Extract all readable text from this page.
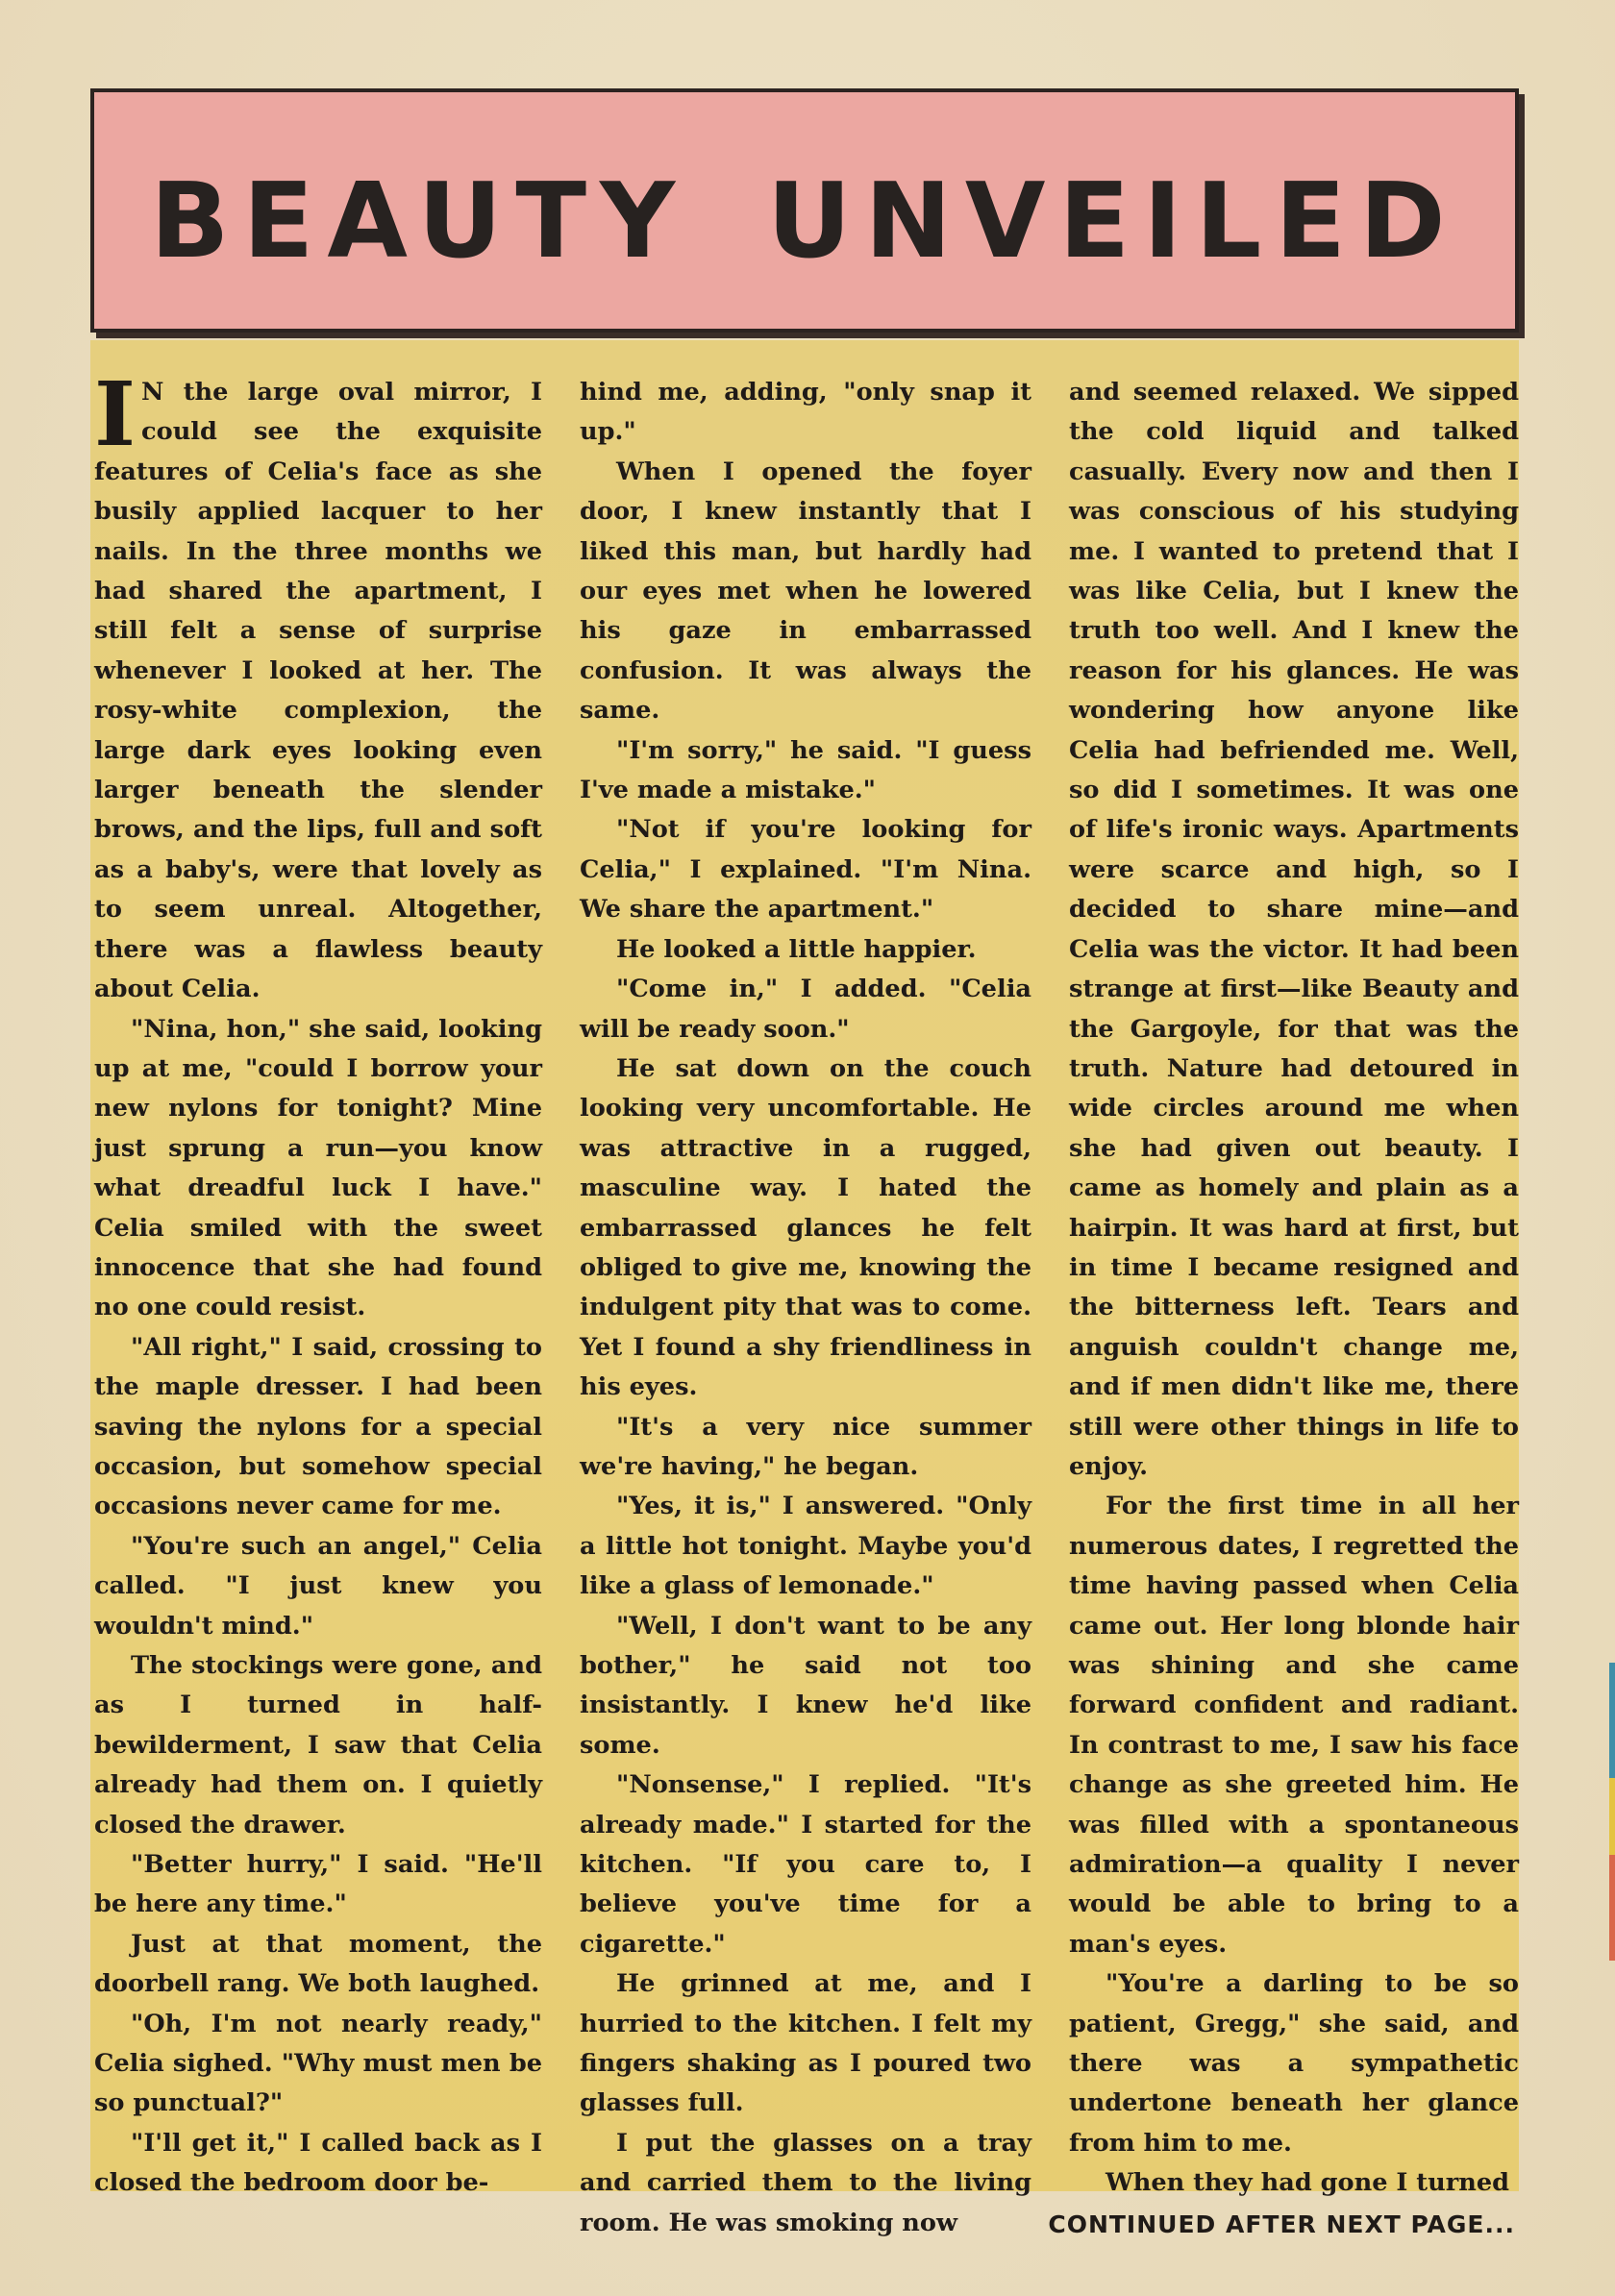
BEAUTY UNVEILED

I N the large oval mirror, I could see the exquisite features of Celia's face as she busily applied lacquer to her nails. In the three months we had shared the apartment, I still felt a sense of surprise whenever I looked at her. The rosy-white complexion, the large dark eyes looking even larger beneath the slender brows, and the lips, full and soft as a baby's, were that lovely as to seem unreal. Altogether, there was a flawless beauty about Celia.

"Nina, hon," she said, looking up at me, "could I borrow your new nylons for tonight? Mine just sprung a run—you know what dreadful luck I have." Celia smiled with the sweet innocence that she had found no one could resist.

"All right," I said, crossing to the maple dresser. I had been saving the nylons for a special occasion, but somehow special occasions never came for me.

"You're such an angel," Celia called. "I just knew you wouldn't mind."

The stockings were gone, and as I turned in half-bewilderment, I saw that Celia already had them on. I quietly closed the drawer.

"Better hurry," I said. "He'll be here any time."

Just at that moment, the doorbell rang. We both laughed.

"Oh, I'm not nearly ready," Celia sighed. "Why must men be so punctual?"

"I'll get it," I called back as I closed the bedroom door be-

hind me, adding, "only snap it up."

When I opened the foyer door, I knew instantly that I liked this man, but hardly had our eyes met when he lowered his gaze in embarrassed confusion. It was always the same.

"I'm sorry," he said. "I guess I've made a mistake."

"Not if you're looking for Celia," I explained. "I'm Nina. We share the apartment."

He looked a little happier.

"Come in," I added. "Celia will be ready soon."

He sat down on the couch looking very uncomfortable. He was attractive in a rugged, masculine way. I hated the embarrassed glances he felt obliged to give me, knowing the indulgent pity that was to come. Yet I found a shy friendliness in his eyes.

"It's a very nice summer we're having," he began.

"Yes, it is," I answered. "Only a little hot tonight. Maybe you'd like a glass of lemonade."

"Well, I don't want to be any bother," he said not too insistantly. I knew he'd like some.

"Nonsense," I replied. "It's already made." I started for the kitchen. "If you care to, I believe you've time for a cigarette."

He grinned at me, and I hurried to the kitchen. I felt my fingers shaking as I poured two glasses full.

I put the glasses on a tray and carried them to the living room. He was smoking now

and seemed relaxed. We sipped the cold liquid and talked casually. Every now and then I was conscious of his studying me. I wanted to pretend that I was like Celia, but I knew the truth too well. And I knew the reason for his glances. He was wondering how anyone like Celia had befriended me. Well, so did I sometimes. It was one of life's ironic ways. Apartments were scarce and high, so I decided to share mine—and Celia was the victor. It had been strange at first—like Beauty and the Gargoyle, for that was the truth. Nature had detoured in wide circles around me when she had given out beauty. I came as homely and plain as a hairpin. It was hard at first, but in time I became resigned and the bitterness left. Tears and anguish couldn't change me, and if men didn't like me, there still were other things in life to enjoy.

For the first time in all her numerous dates, I regretted the time having passed when Celia came out. Her long blonde hair was shining and she came forward confident and radiant. In contrast to me, I saw his face change as she greeted him. He was filled with a spontaneous admiration—a quality I never would be able to bring to a man's eyes.

"You're a darling to be so patient, Gregg," she said, and there was a sympathetic undertone beneath her glance from him to me.

When they had gone I turned

CONTINUED AFTER NEXT PAGE...
